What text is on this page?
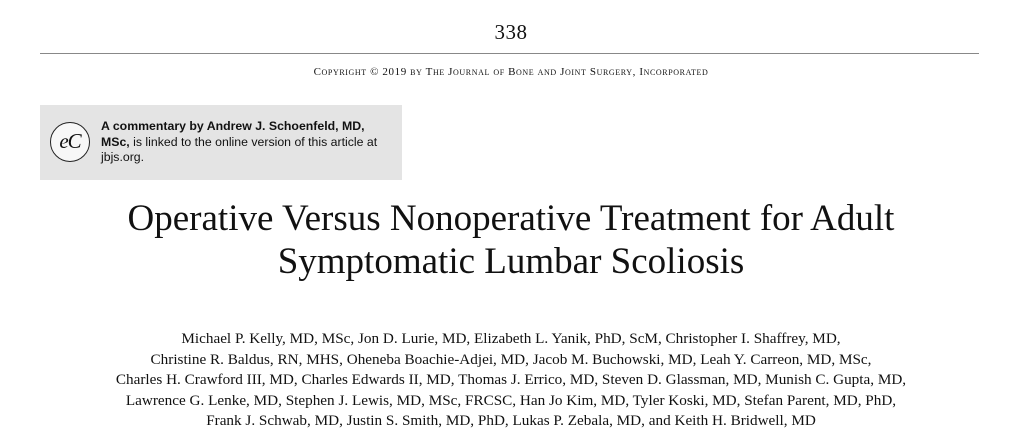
338
Copyright © 2019 by The Journal of Bone and Joint Surgery, Incorporated
eC
A commentary by Andrew J. Schoenfeld, MD, MSc, is linked to the online version of this article at jbjs.org.
Operative Versus Nonoperative Treatment for Adult
Symptomatic Lumbar Scoliosis
Michael P. Kelly, MD, MSc, Jon D. Lurie, MD, Elizabeth L. Yanik, PhD, ScM, Christopher I. Shaffrey, MD,
Christine R. Baldus, RN, MHS, Oheneba Boachie-Adjei, MD, Jacob M. Buchowski, MD, Leah Y. Carreon, MD, MSc,
Charles H. Crawford III, MD, Charles Edwards II, MD, Thomas J. Errico, MD, Steven D. Glassman, MD, Munish C. Gupta, MD,
Lawrence G. Lenke, MD, Stephen J. Lewis, MD, MSc, FRCSC, Han Jo Kim, MD, Tyler Koski, MD, Stefan Parent, MD, PhD,
Frank J. Schwab, MD, Justin S. Smith, MD, PhD, Lukas P. Zebala, MD, and Keith H. Bridwell, MD
